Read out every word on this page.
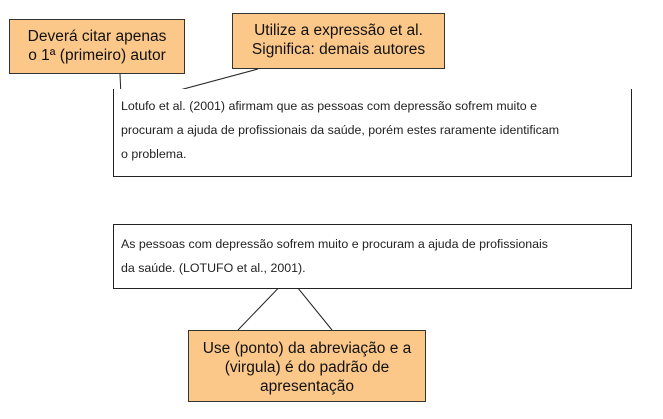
Deverá citar apenas
o 1ª (primeiro) autor
Utilize a expressão et al.
Significa: demais autores
Lotufo et al. (2001) afirmam que as pessoas com depressão sofrem muito e
procuram a ajuda de profissionais da saúde, porém estes raramente identificam
o problema.
As pessoas com depressão sofrem muito e procuram a ajuda de profissionais
da saúde. (LOTUFO et al., 2001).
Use (ponto) da abreviação e a
(virgula) é do padrão de
apresentação
